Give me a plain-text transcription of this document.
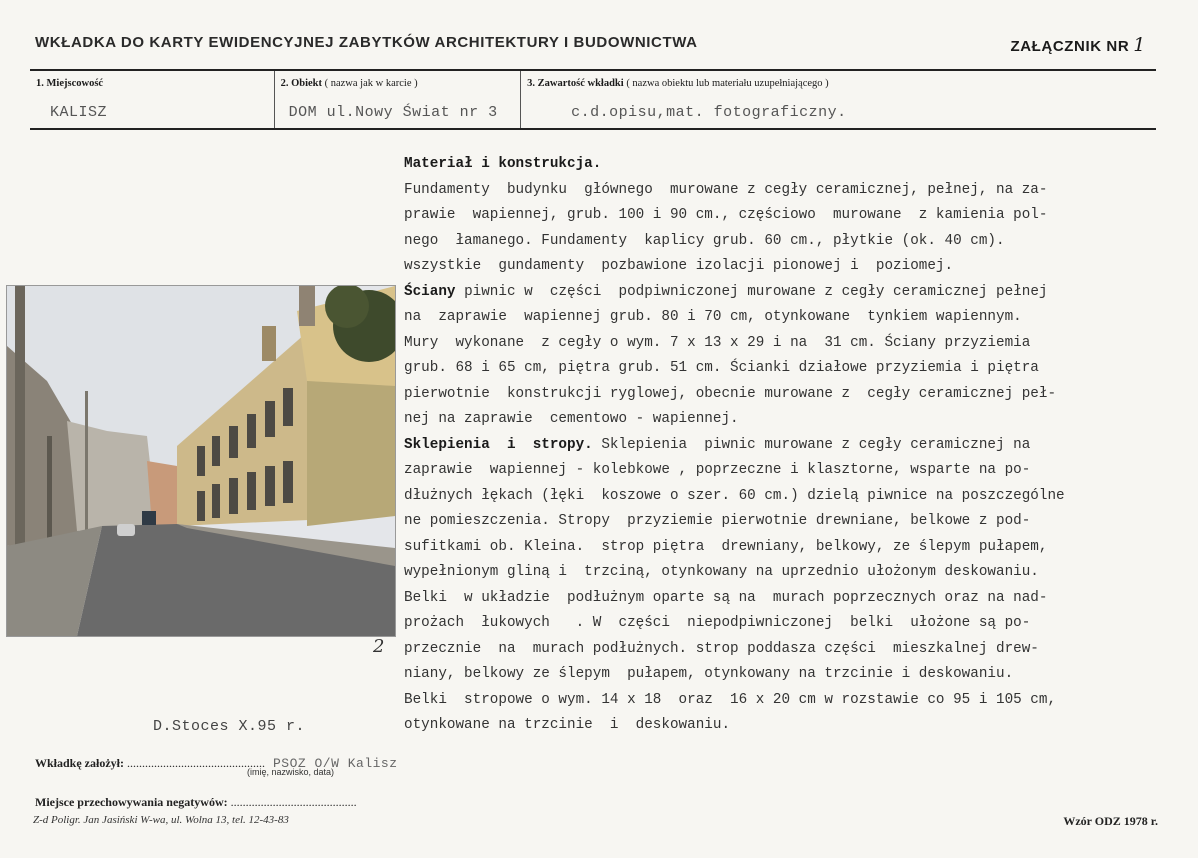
WKŁADKA DO KARTY EWIDENCYJNEJ ZABYTKÓW ARCHITEKTURY I BUDOWNICTWA	ZAŁĄCZNIK NR 1
1. Miejscowość
KALISZ
2. Obiekt ( nazwa jak w karcie )
DOM ul.Nowy Świat nr 3
3. Zawartość wkładki ( nazwa obiektu lub materiału uzupełniającego )
c.d.opisu,mat. fotograficzny.
2
D.Stoces X.95 r.
Materiał i konstrukcja.
Fundamenty  budynku  głównego  murowane z cegły ceramicznej, pełnej, na za-
prawie  wapiennej, grub. 100 i 90 cm., częściowo  murowane  z kamienia pol-
nego  łamanego. Fundamenty  kaplicy grub. 60 cm., płytkie (ok. 40 cm).
wszystkie  gundamenty  pozbawione izolacji pionowej i  poziomej.
Ściany piwnic w  części  podpiwniczonej murowane z cegły ceramicznej pełnej
na  zaprawie  wapiennej grub. 80 i 70 cm, otynkowane  tynkiem wapiennym.
Mury  wykonane  z cegły o wym. 7 x 13 x 29 i na  31 cm. Ściany przyziemia
grub. 68 i 65 cm, piętra grub. 51 cm. Ścianki działowe przyziemia i piętra
pierwotnie  konstrukcji ryglowej, obecnie murowane z  cegły ceramicznej peł-
nej na zaprawie  cementowo - wapiennej.
Sklepienia  i  stropy. Sklepienia  piwnic murowane z cegły ceramicznej na
zaprawie  wapiennej - kolebkowe , poprzeczne i klasztorne, wsparte na po-
dłużnych łękach (łęki  koszowe o szer. 60 cm.) dzielą piwnice na poszczególne
ne pomieszczenia. Stropy  przyziemie pierwotnie drewniane, belkowe z pod-
sufitkami ob. Kleina.  strop piętra  drewniany, belkowy, ze ślepym pułapem,
wypełnionym gliną i  trzciną, otynkowany na uprzednio ułożonym deskowaniu.
Belki  w układzie  podłużnym oparte są na  murach poprzecznych oraz na nad-
prożach  łukowych   . W  części  niepodpiwniczonej  belki  ułożone są po-
przecznie  na  murach podłużnych. strop poddasza części  mieszkalnej drew-
niany, belkowy ze ślepym  pułapem, otynkowany na trzcinie i deskowaniu.
Belki  stropowe o wym. 14 x 18  oraz  16 x 20 cm w rozstawie co 95 i 105 cm,
otynkowane na trzcinie  i  deskowaniu.
Wkładkę założył: .............................................. PSOZ O/W Kalisz
(imię, nazwisko, data)
Miejsce przechowywania negatywów: ..........................................
Z-d Poligr. Jan Jasiński W-wa, ul. Wolna 13, tel. 12-43-83	Wzór ODZ 1978 r.
